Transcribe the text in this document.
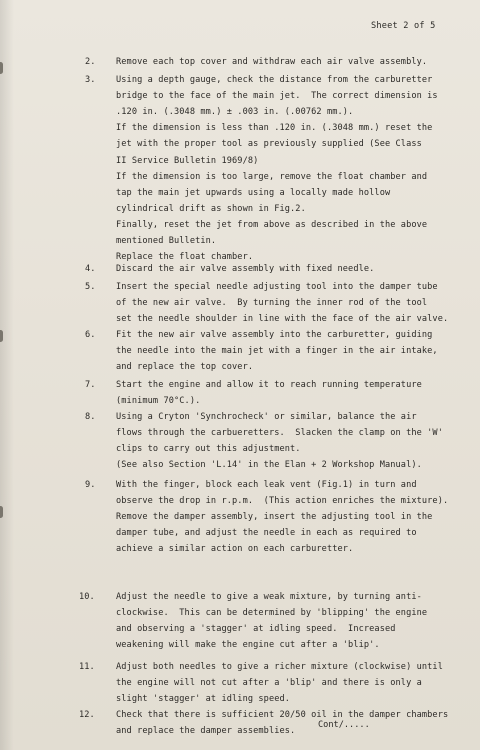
Sheet 2 of 5
2. Remove each top cover and withdraw each air valve assembly.
3. Using a depth gauge, check the distance from the carburetter
bridge to the face of the main jet.  The correct dimension is
.120 in. (.3048 mm.) ± .003 in. (.00762 mm.).
If the dimension is less than .120 in. (.3048 mm.) reset the
jet with the proper tool as previously supplied (See Class
II Service Bulletin 1969/8)
If the dimension is too large, remove the float chamber and
tap the main jet upwards using a locally made hollow
cylindrical drift as shown in Fig.2.
Finally, reset the jet from above as described in the above
mentioned Bulletin.
Replace the float chamber.
4. Discard the air valve assembly with fixed needle.
5. Insert the special needle adjusting tool into the damper tube
of the new air valve.  By turning the inner rod of the tool
set the needle shoulder in line with the face of the air valve.
6. Fit the new air valve assembly into the carburetter, guiding
the needle into the main jet with a finger in the air intake,
and replace the top cover.
7. Start the engine and allow it to reach running temperature
(minimum 70°C.).
8. Using a Cryton 'Synchrocheck' or similar, balance the air
flows through the carbueretters.  Slacken the clamp on the 'W'
clips to carry out this adjustment.
(See also Section 'L.14' in the Elan + 2 Workshop Manual).
9. With the finger, block each leak vent (Fig.1) in turn and
observe the drop in r.p.m.  (This action enriches the mixture).
Remove the damper assembly, insert the adjusting tool in the
damper tube, and adjust the needle in each as required to
achieve a similar action on each carburetter.
10. Adjust the needle to give a weak mixture, by turning anti-
clockwise.  This can be determined by 'blipping' the engine
and observing a 'stagger' at idling speed.  Increased
weakening will make the engine cut after a 'blip'.
11. Adjust both needles to give a richer mixture (clockwise) until
the engine will not cut after a 'blip' and there is only a
slight 'stagger' at idling speed.
12. Check that there is sufficient 20/50 oil in the damper chambers
and replace the damper assemblies.
Cont/.....
